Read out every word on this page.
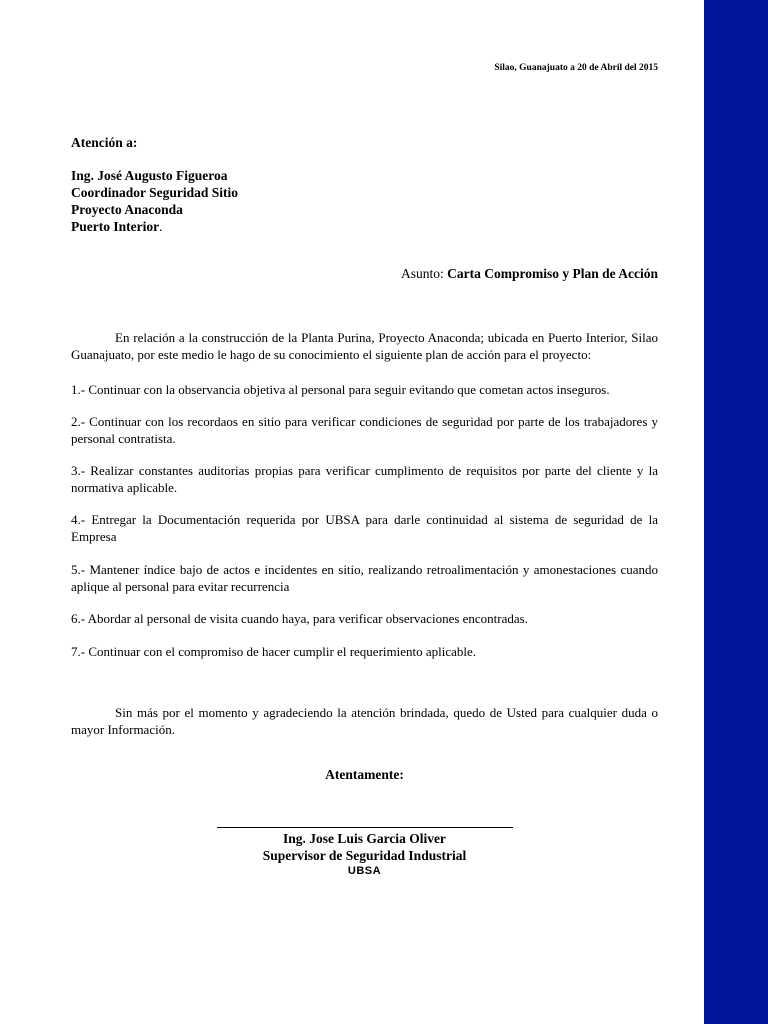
Silao, Guanajuato a 20 de Abril del 2015
Atención a:
Ing. José Augusto Figueroa
Coordinador Seguridad Sitio
Proyecto Anaconda
Puerto Interior.
Asunto: Carta Compromiso y Plan de Acción
En relación a la construcción de la Planta Purina, Proyecto Anaconda; ubicada en Puerto Interior, Silao Guanajuato, por este medio le hago de su conocimiento el siguiente plan de acción para el proyecto:
1.- Continuar con la observancia objetiva al personal para seguir evitando que cometan actos inseguros.
2.- Continuar con los recordaos en sitio para verificar condiciones de seguridad por parte de los trabajadores y personal contratista.
3.- Realizar constantes auditorias propias para verificar cumplimento de requisitos por parte del cliente y la normativa aplicable.
4.- Entregar la Documentación requerida por UBSA para darle continuidad al sistema de seguridad de la Empresa
5.- Mantener índice bajo de actos e incidentes en sitio, realizando retroalimentación y amonestaciones cuando aplique al personal para evitar recurrencia
6.- Abordar al personal de visita cuando haya, para verificar observaciones encontradas.
7.- Continuar con el compromiso de hacer cumplir el requerimiento aplicable.
Sin más por el momento y agradeciendo la atención brindada, quedo de Usted para cualquier duda o mayor Información.
Atentamente:
Ing. Jose Luis Garcia Oliver
Supervisor de Seguridad Industrial
UBSA
